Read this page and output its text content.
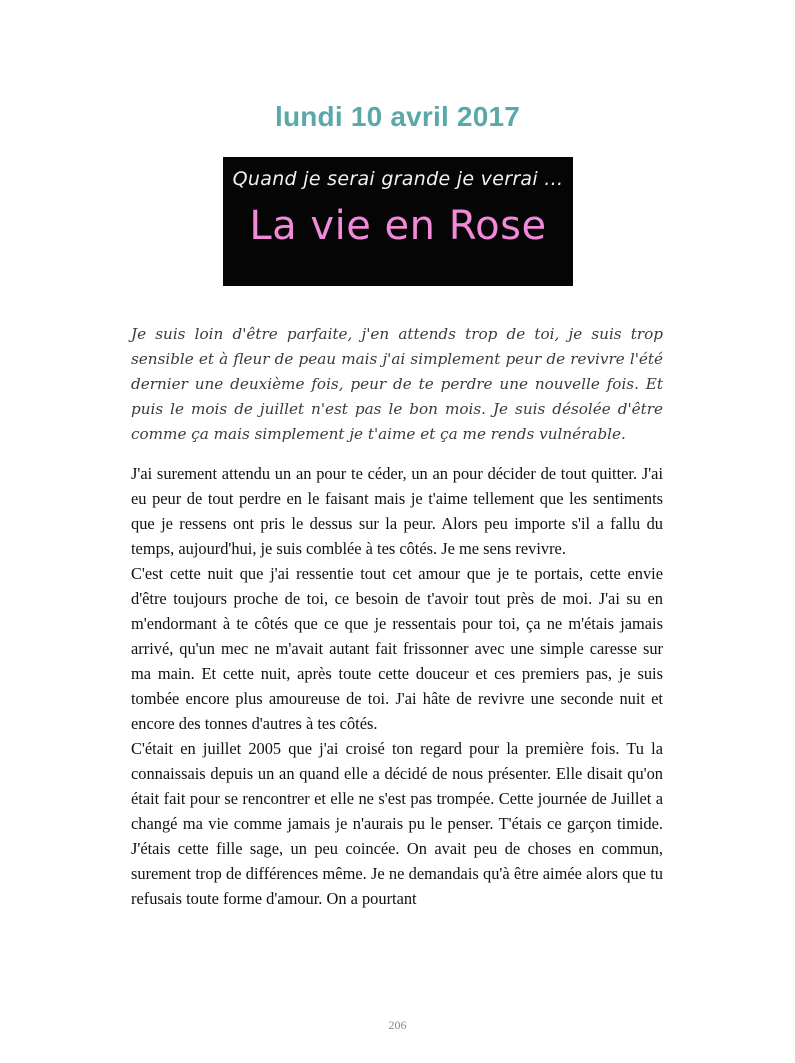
lundi 10 avril 2017
Quand je serai grande je verrai ...
La vie en Rose

Je suis loin d'être parfaite, j'en attends trop de toi, je suis trop sensible et à fleur de peau mais j'ai simplement peur de revivre l'été dernier une deuxième fois, peur de te perdre une nouvelle fois. Et puis le mois de juillet n'est pas le bon mois. Je suis désolée d'être comme ça mais simplement je t'aime et ça me rends vulnérable.

J'ai surement attendu un an pour te céder, un an pour décider de tout quitter. J'ai eu peur de tout perdre en le faisant mais je t'aime tellement que les sentiments que je ressens ont pris le dessus sur la peur. Alors peu importe s'il a fallu du temps, aujourd'hui, je suis comblée à tes côtés. Je me sens revivre.

C'est cette nuit que j'ai ressentie tout cet amour que je te portais, cette envie d'être toujours proche de toi, ce besoin de t'avoir tout près de moi. J'ai su en m'endormant à te côtés que ce que je ressentais pour toi, ça ne m'étais jamais arrivé, qu'un mec ne m'avait autant fait frissonner avec une simple caresse sur ma main. Et cette nuit, après toute cette douceur et ces premiers pas, je suis tombée encore plus amoureuse de toi. J'ai hâte de revivre une seconde nuit et encore des tonnes d'autres à tes côtés.

C'était en juillet 2005 que j'ai croisé ton regard pour la première fois. Tu la connaissais depuis un an quand elle a décidé de nous présenter. Elle disait qu'on était fait pour se rencontrer et elle ne s'est pas trompée. Cette journée de Juillet a changé ma vie comme jamais je n'aurais pu le penser. T'étais ce garçon timide. J'étais cette fille sage, un peu coincée. On avait peu de choses en commun, surement trop de différences même. Je ne demandais qu'à être aimée alors que tu refusais toute forme d'amour. On a pourtant

206
